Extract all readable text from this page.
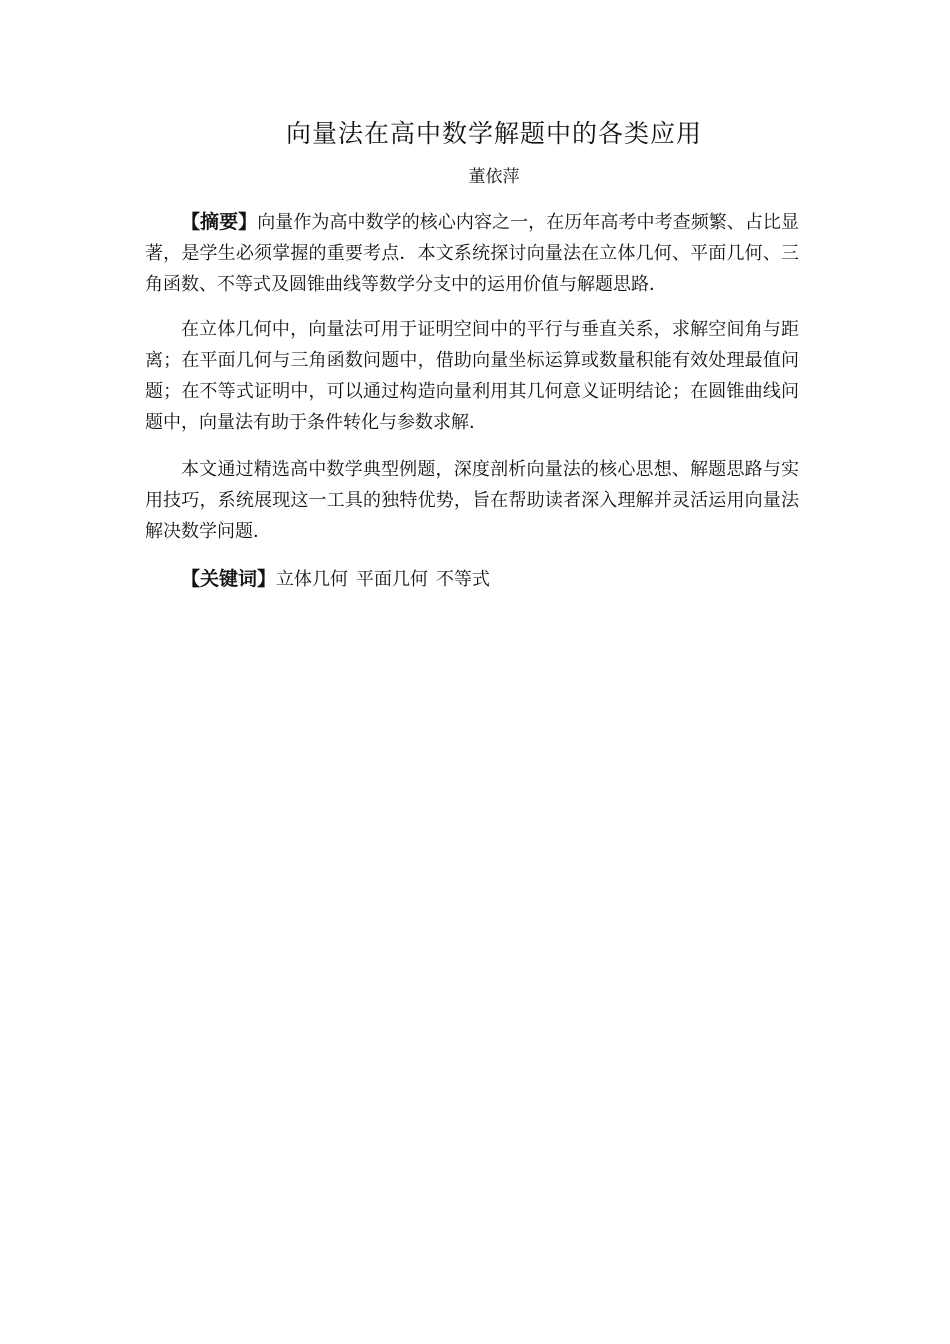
向量法在高中数学解题中的各类应用
董依萍

【摘要】向量作为高中数学的核心内容之一，在历年高考中考查频繁、占比显著，是学生必须掌握的重要考点．本文系统探讨向量法在立体几何、平面几何、三角函数、不等式及圆锥曲线等数学分支中的运用价值与解题思路．

在立体几何中，向量法可用于证明空间中的平行与垂直关系，求解空间角与距离；在平面几何与三角函数问题中，借助向量坐标运算或数量积能有效处理最值问题；在不等式证明中，可以通过构造向量利用其几何意义证明结论；在圆锥曲线问题中，向量法有助于条件转化与参数求解．

本文通过精选高中数学典型例题，深度剖析向量法的核心思想、解题思路与实用技巧，系统展现这一工具的独特优势，旨在帮助读者深入理解并灵活运用向量法解决数学问题．

【关键词】立体几何 平面几何 不等式
